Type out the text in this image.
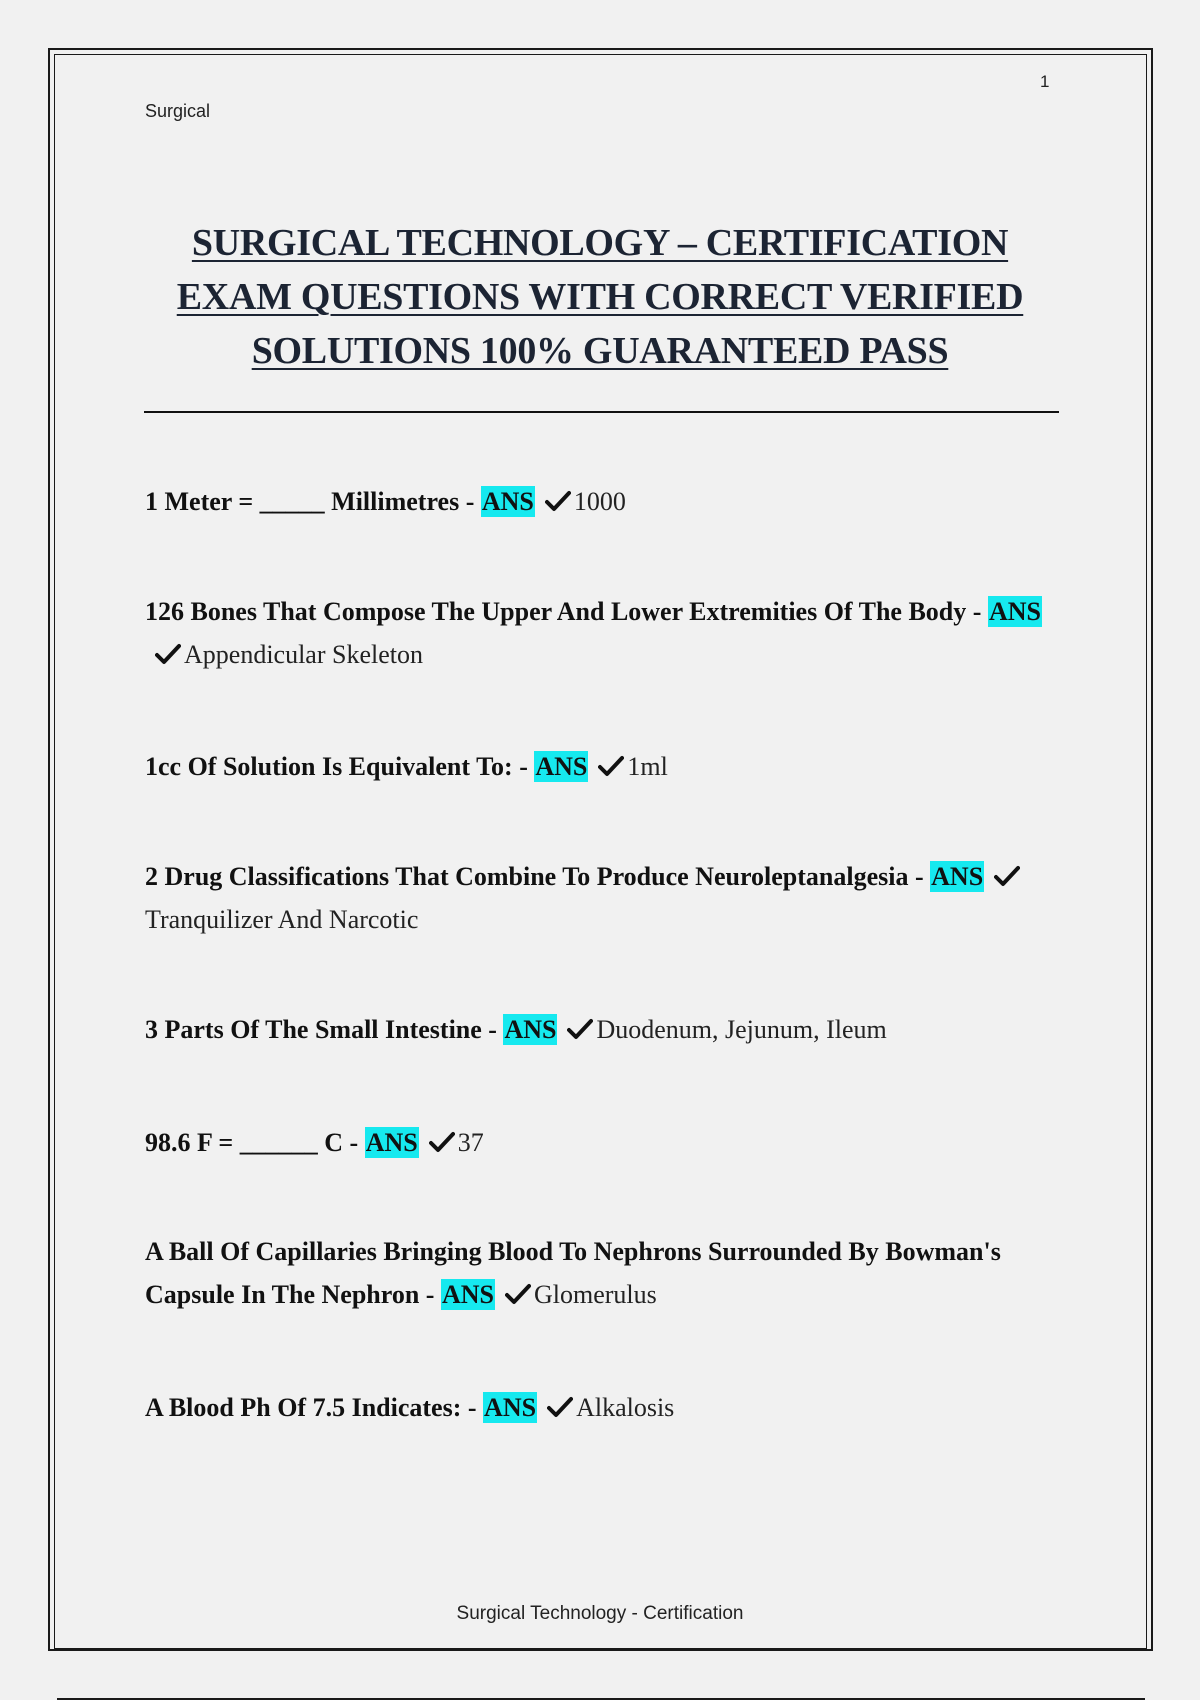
1
Surgical
SURGICAL TECHNOLOGY – CERTIFICATION EXAM QUESTIONS WITH CORRECT VERIFIED SOLUTIONS 100% GUARANTEED PASS
1 Meter = _____ Millimetres - ANS 1000
126 Bones That Compose The Upper And Lower Extremities Of The Body - ANSAppendicular Skeleton
1cc Of Solution Is Equivalent To: - ANS 1ml
2 Drug Classifications That Combine To Produce Neuroleptanalgesia - ANSTranquilizer And Narcotic
3 Parts Of The Small Intestine - ANS Duodenum, Jejunum, Ileum
98.6 F = ______ C - ANS 37
A Ball Of Capillaries Bringing Blood To Nephrons Surrounded By Bowman's Capsule In The Nephron - ANS Glomerulus
A Blood Ph Of 7.5 Indicates: - ANS Alkalosis
Surgical Technology - Certification
